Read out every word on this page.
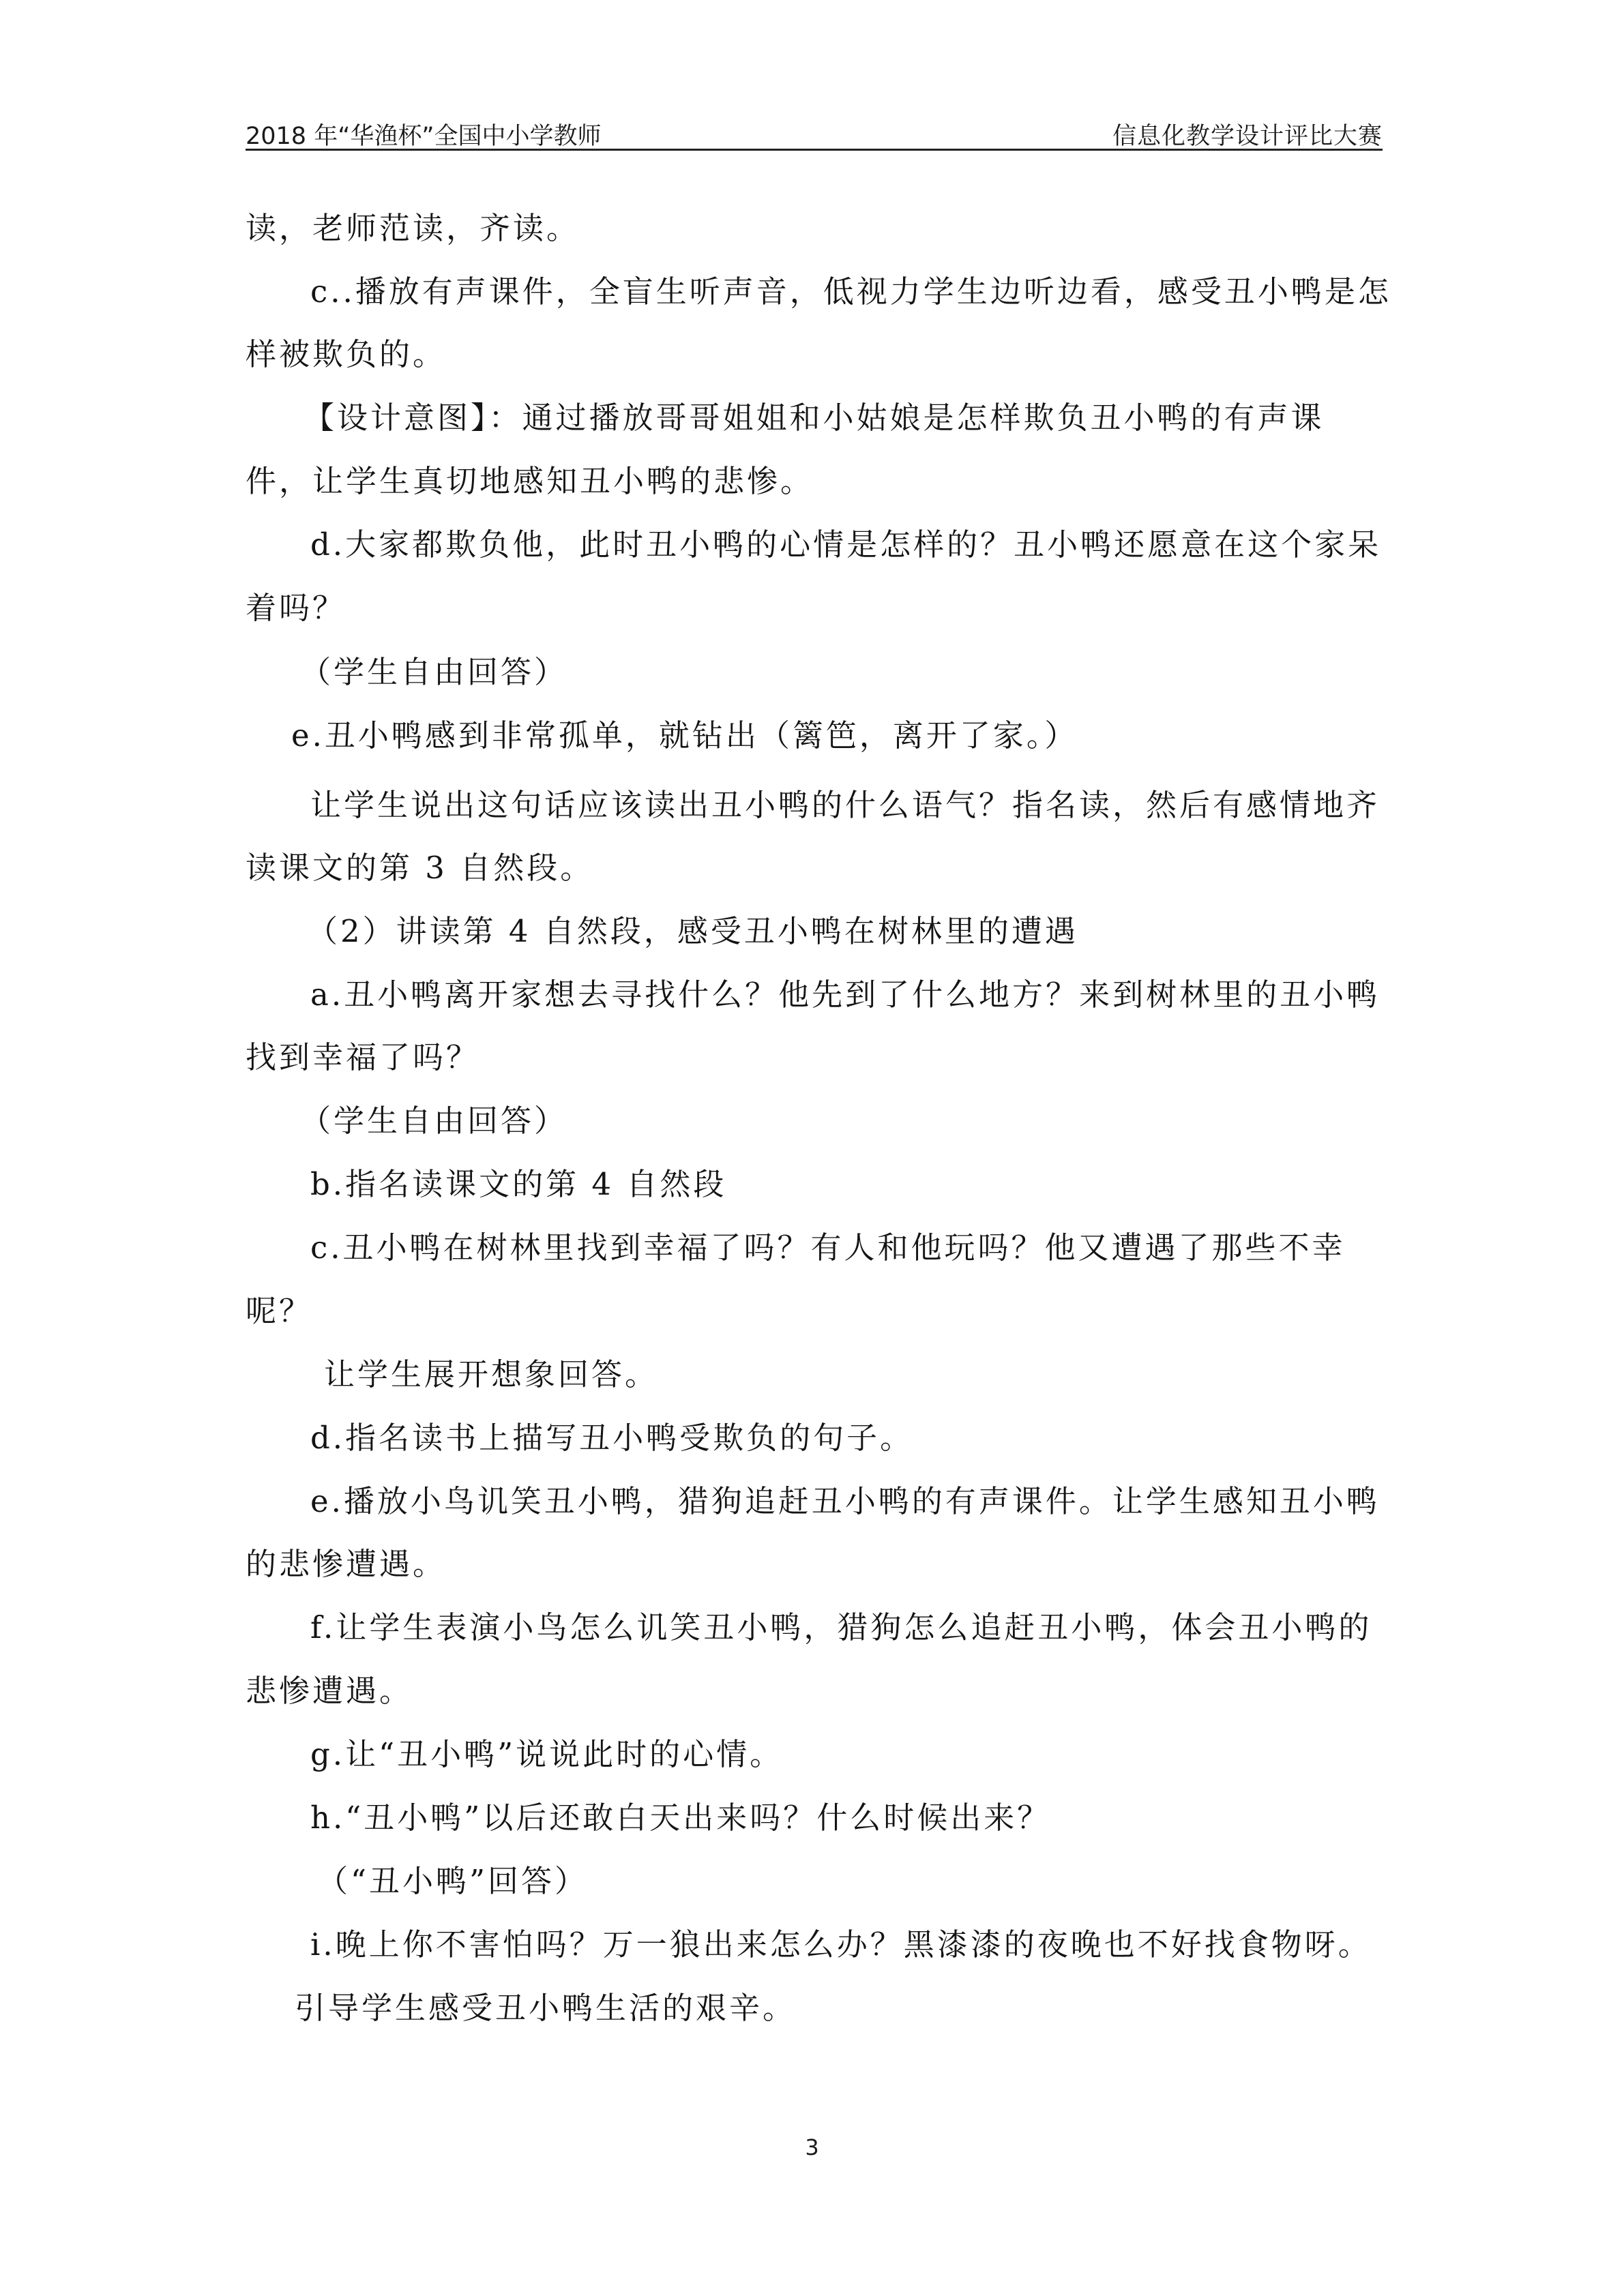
2018 年“华渔杯”全国中小学教师	信息化教学设计评比大赛
读，老师范读，齐读。
c..播放有声课件，全盲生听声音，低视力学生边听边看，感受丑小鸭是怎
样被欺负的。
【设计意图】：通过播放哥哥姐姐和小姑娘是怎样欺负丑小鸭的有声课
件，让学生真切地感知丑小鸭的悲惨。
d.大家都欺负他，此时丑小鸭的心情是怎样的？丑小鸭还愿意在这个家呆
着吗？
（学生自由回答）
e.丑小鸭感到非常孤单，就钻出（篱笆，离开了家。）
让学生说出这句话应该读出丑小鸭的什么语气？指名读，然后有感情地齐
读课文的第 3 自然段。
（2）讲读第 4 自然段，感受丑小鸭在树林里的遭遇
a.丑小鸭离开家想去寻找什么？他先到了什么地方？来到树林里的丑小鸭
找到幸福了吗？
（学生自由回答）
b.指名读课文的第 4 自然段
c.丑小鸭在树林里找到幸福了吗？有人和他玩吗？他又遭遇了那些不幸
呢？
让学生展开想象回答。
d.指名读书上描写丑小鸭受欺负的句子。
e.播放小鸟讥笑丑小鸭，猎狗追赶丑小鸭的有声课件。让学生感知丑小鸭
的悲惨遭遇。
f.让学生表演小鸟怎么讥笑丑小鸭，猎狗怎么追赶丑小鸭，体会丑小鸭的
悲惨遭遇。
g.让“丑小鸭”说说此时的心情。
h.“丑小鸭”以后还敢白天出来吗？什么时候出来？
（“丑小鸭”回答）
i.晚上你不害怕吗？万一狼出来怎么办？黑漆漆的夜晚也不好找食物呀。
引导学生感受丑小鸭生活的艰辛。
3
